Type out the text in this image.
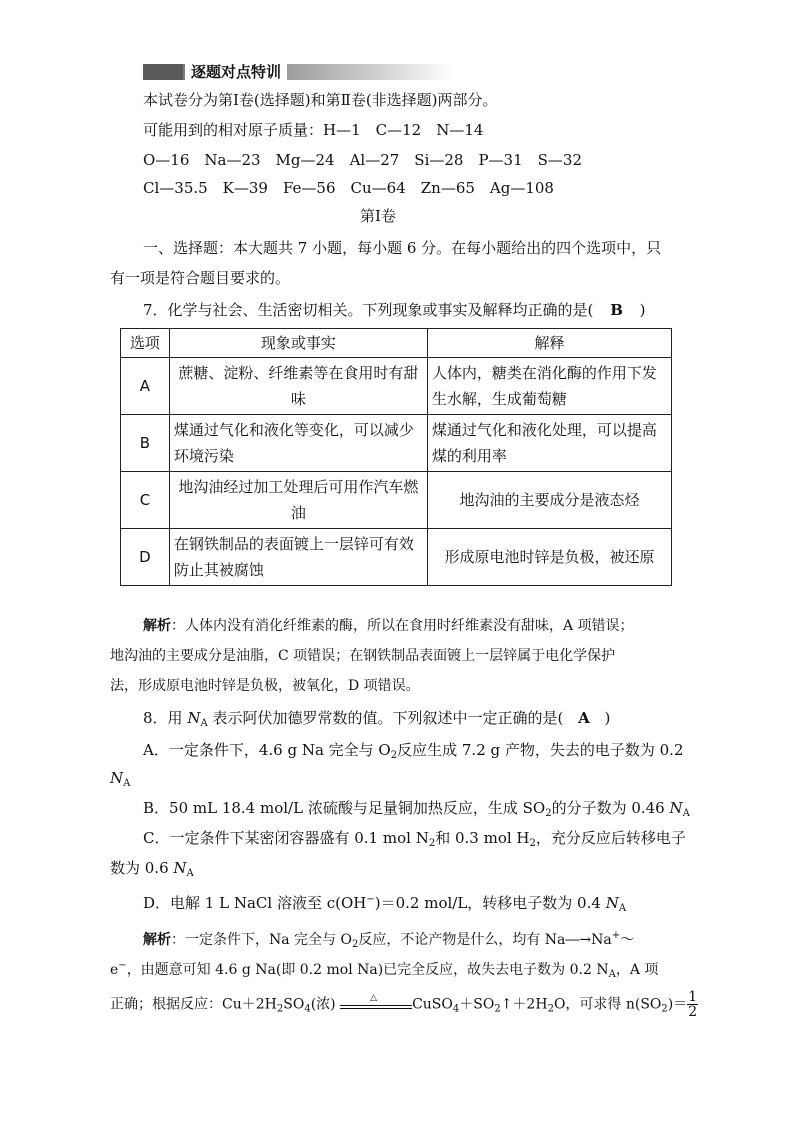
逐题对点特训
本试卷分为第Ⅰ卷(选择题)和第Ⅱ卷(非选择题)两部分。
可能用到的相对原子质量：H—1　C—12　N—14
O—16　Na—23　Mg—24　Al—27　Si—28　P—31　S—32
Cl—35.5　K—39　Fe—56　Cu—64　Zn—65　Ag—108
第Ⅰ卷
一、选择题：本大题共 7 小题，每小题 6 分。在每小题给出的四个选项中，只
有一项是符合题目要求的。
7．化学与社会、生活密切相关。下列现象或事实及解释均正确的是( B )
选项	现象或事实	解释
A	蔗糖、淀粉、纤维素等在食用时有甜味	人体内，糖类在消化酶的作用下发生水解，生成葡萄糖
B	煤通过气化和液化等变化，可以减少环境污染	煤通过气化和液化处理，可以提高煤的利用率
C	地沟油经过加工处理后可用作汽车燃油	地沟油的主要成分是液态烃
D	在钢铁制品的表面镀上一层锌可有效防止其被腐蚀	形成原电池时锌是负极，被还原
解析：人体内没有消化纤维素的酶，所以在食用时纤维素没有甜味，A 项错误；
地沟油的主要成分是油脂，C 项错误；在钢铁制品表面镀上一层锌属于电化学保护
法，形成原电池时锌是负极，被氧化，D 项错误。
8．用 $N_A$ 表示阿伏加德罗常数的值。下列叙述中一定正确的是( A )
A．一定条件下，4.6 g Na 完全与 $O_2$反应生成 7.2 g 产物，失去的电子数为 0.2
$N_A$
B．50 mL 18.4 mol/L 浓硫酸与足量铜加热反应，生成 $SO_2$的分子数为 0.46 $N_A$
C．一定条件下某密闭容器盛有 0.1 mol $N_2$和 0.3 mol $H_2$，充分反应后转移电子
数为 0.6 $N_A$
D．电解 1 L NaCl 溶液至 c(OH−)＝0.2 mol/L，转移电子数为 0.4 $N_A$
解析：一定条件下，Na 完全与 $O_2$反应，不论产物是什么，均有 Na―→Na+～
e−，由题意可知 4.6 g Na(即 0.2 mol Na)已完全反应，故失去电子数为 0.2 $N_A$，A 项
正确；根据反应：$Cu+2H_2SO_4$(浓)	△	$CuSO_4+SO_2↑+2H_2O$，可求得 $n(SO_2)= \frac{1}{2}$
